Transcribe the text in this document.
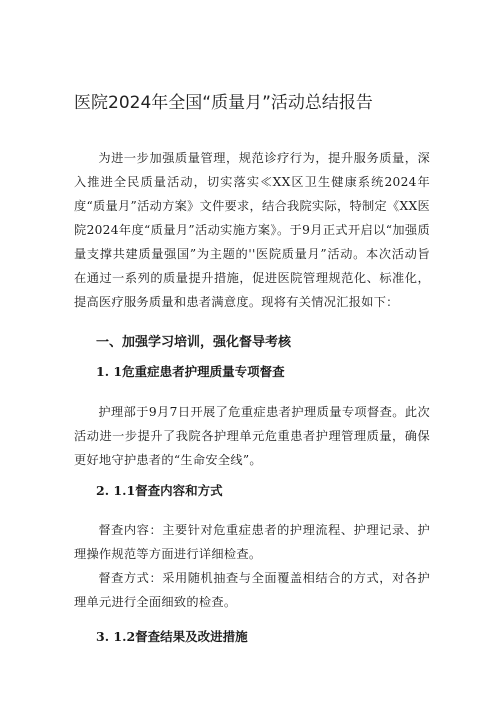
医院2024年全国“质量月”活动总结报告

为进一步加强质量管理，规范诊疗行为，提升服务质量，深入推进全民质量活动，切实落实≪XX区卫生健康系统2024年度“质量月”活动方案》文件要求，结合我院实际，特制定《XX医院2024年度“质量月”活动实施方案》。于9月正式开启以“加强质量支撑共建质量强国”为主题的''医院质量月”活动。本次活动旨在通过一系列的质量提升措施，促进医院管理规范化、标准化，提高医疗服务质量和患者满意度。现将有关情况汇报如下：

一、加强学习培训，强化督导考核
1. 1危重症患者护理质量专项督查

护理部于9月7日开展了危重症患者护理质量专项督查。此次活动进一步提升了我院各护理单元危重患者护理管理质量，确保更好地守护患者的“生命安全线”。

2. 1.1督查内容和方式

督查内容：主要针对危重症患者的护理流程、护理记录、护理操作规范等方面进行详细检查。

督查方式：采用随机抽查与全面覆盖相结合的方式，对各护理单元进行全面细致的检查。

3. 1.2督查结果及改进措施
